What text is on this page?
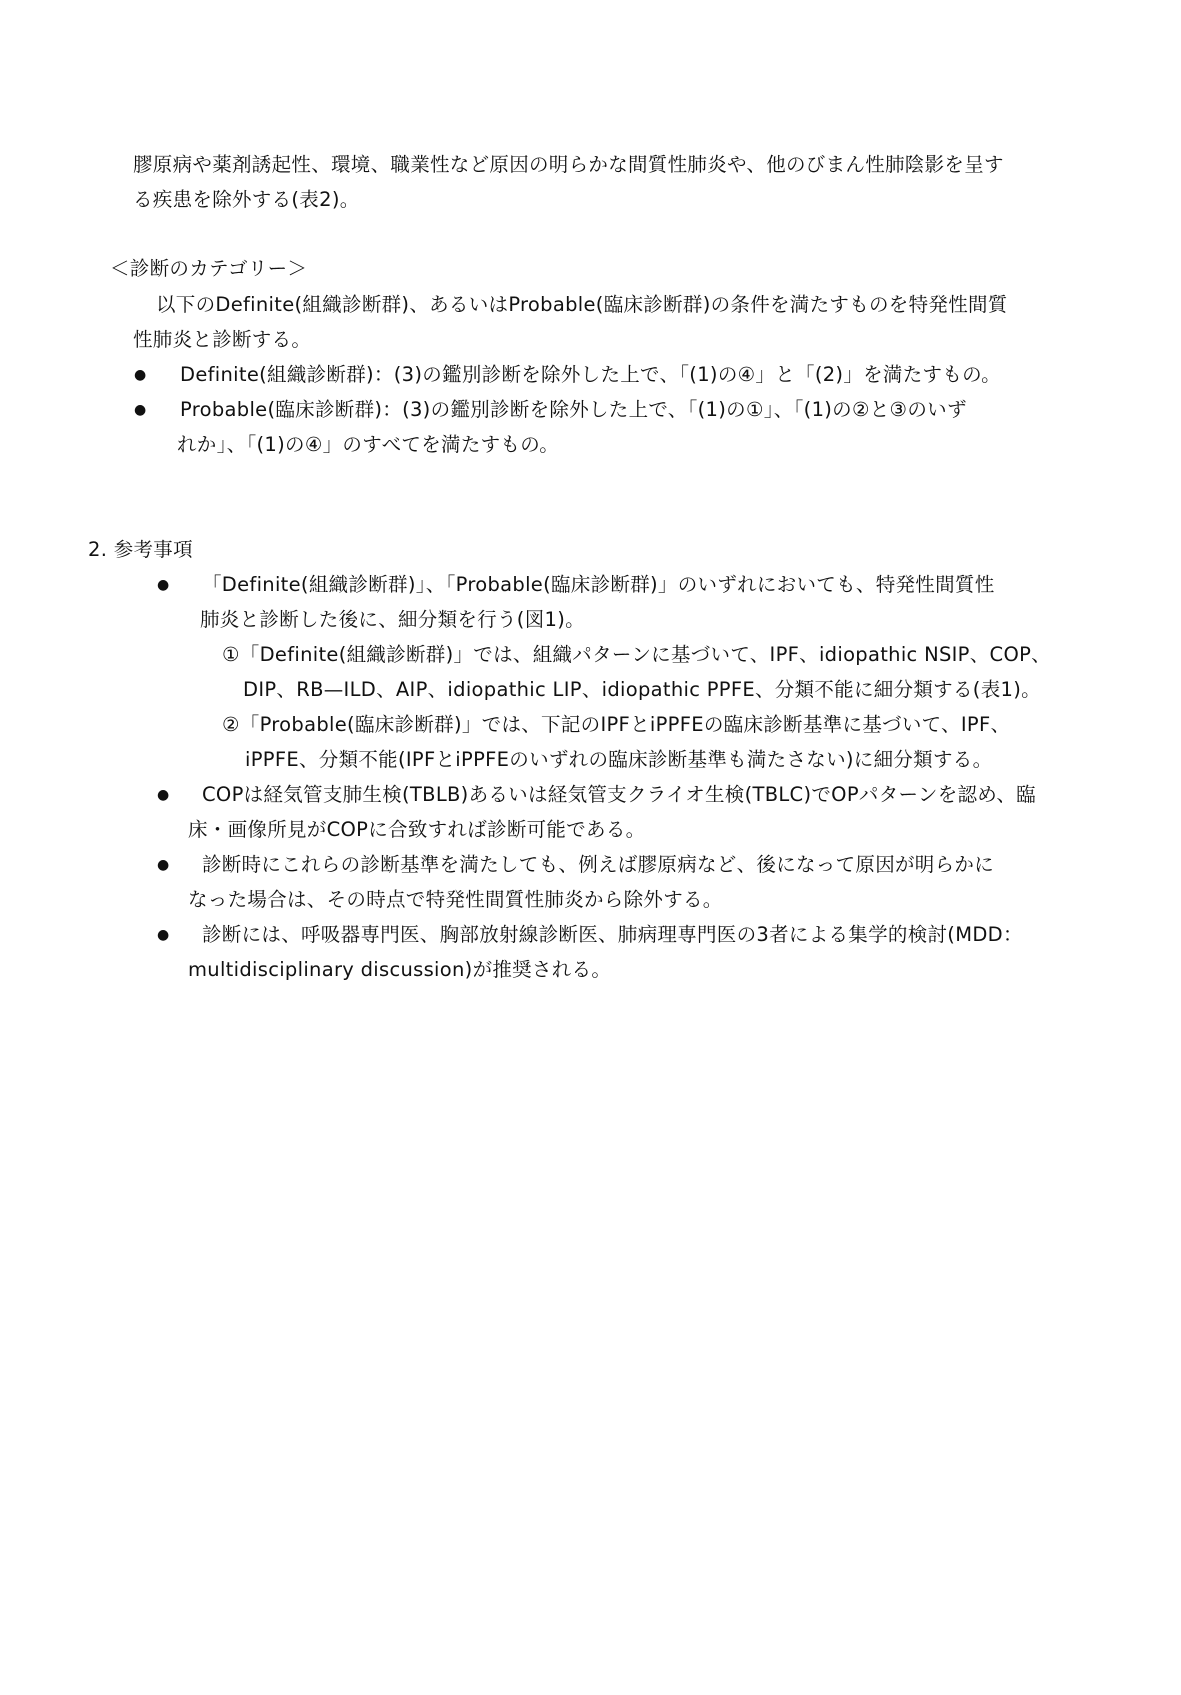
膠原病や薬剤誘起性、環境、職業性など原因の明らかな間質性肺炎や、他のびまん性肺陰影を呈す
る疾患を除外する(表2)。
＜診断のカテゴリー＞
以下のDefinite(組織診断群)、あるいはProbable(臨床診断群)の条件を満たすものを特発性間質
性肺炎と診断する。
● Definite(組織診断群)：(3)の鑑別診断を除外した上で、「(1)の④」と「(2)」を満たすもの。
● Probable(臨床診断群)：(3)の鑑別診断を除外した上で、「(1)の①」、「(1)の②と③のいず
れか」、「(1)の④」のすべてを満たすもの。
2. 参考事項
● 「Definite(組織診断群)」、「Probable(臨床診断群)」のいずれにおいても、特発性間質性
肺炎と診断した後に、細分類を行う(図1)。
①「Definite(組織診断群)」では、組織パターンに基づいて、IPF、idiopathic NSIP、COP、
DIP、RB—ILD、AIP、idiopathic LIP、idiopathic PPFE、分類不能に細分類する(表1)。
②「Probable(臨床診断群)」では、下記のIPFとiPPFEの臨床診断基準に基づいて、IPF、
iPPFE、分類不能(IPFとiPPFEのいずれの臨床診断基準も満たさない)に細分類する。
● COPは経気管支肺生検(TBLB)あるいは経気管支クライオ生検(TBLC)でOPパターンを認め、臨
床・画像所見がCOPに合致すれば診断可能である。
● 診断時にこれらの診断基準を満たしても、例えば膠原病など、後になって原因が明らかに
なった場合は、その時点で特発性間質性肺炎から除外する。
● 診断には、呼吸器専門医、胸部放射線診断医、肺病理専門医の3者による集学的検討(MDD：
multidisciplinary discussion)が推奨される。
